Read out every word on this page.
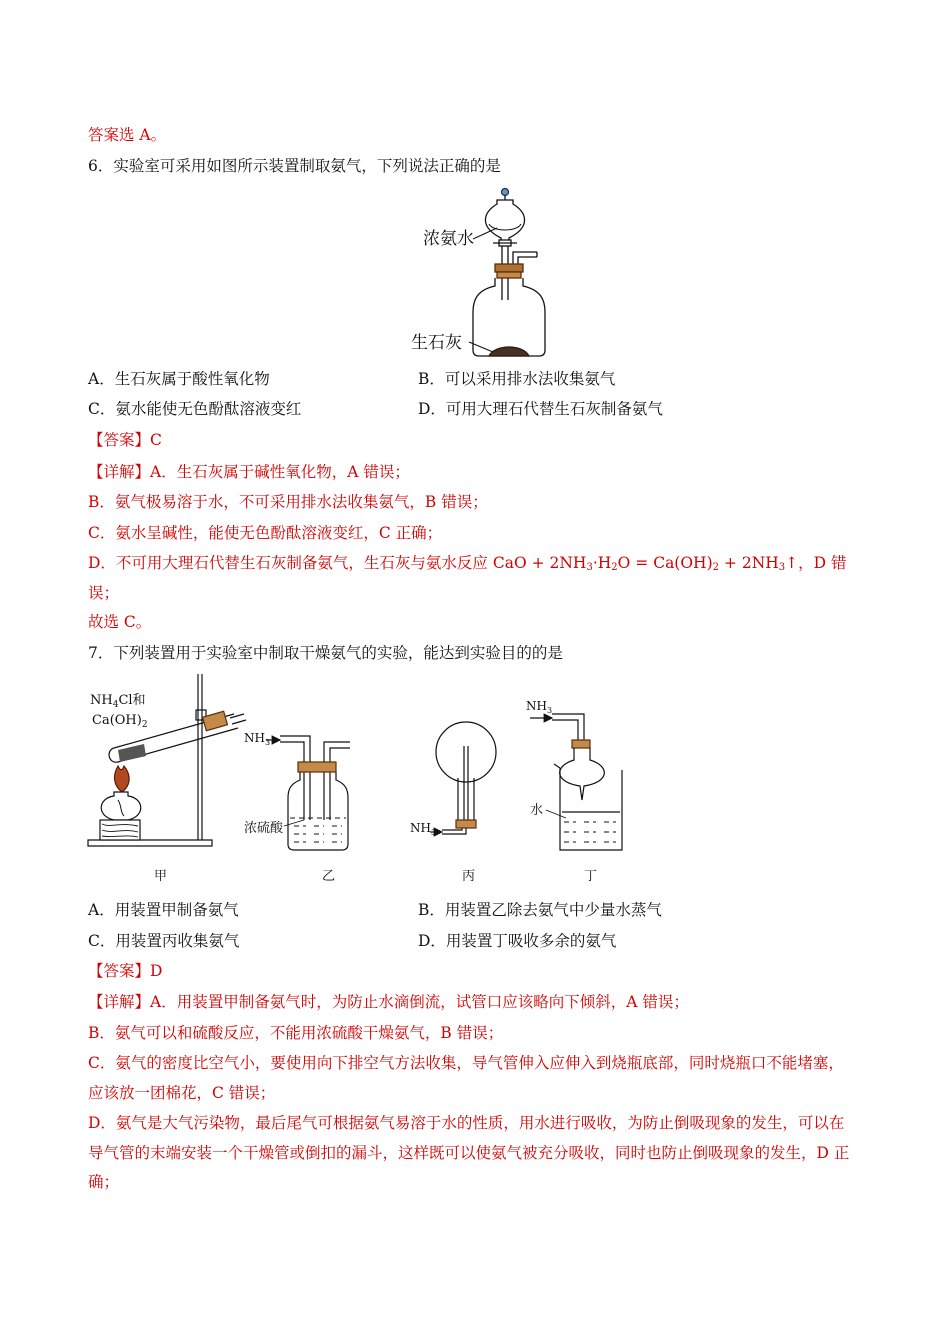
答案选 A。
6．实验室可采用如图所示装置制取氨气，下列说法正确的是
浓氨水
生石灰
A．生石灰属于酸性氧化物	B．可以采用排水法收集氨气
C．氨水能使无色酚酞溶液变红	D．可用大理石代替生石灰制备氨气
【答案】C
【详解】A．生石灰属于碱性氧化物，A 错误；
B．氨气极易溶于水，不可采用排水法收集氨气，B 错误；
C．氨水呈碱性，能使无色酚酞溶液变红，C 正确；
D．不可用大理石代替生石灰制备氨气，生石灰与氨水反应 CaO + $2NH_3\cdot H_2O = Ca(OH)_2$ + $2NH_3↑$，D 错误；
故选 C。
7．下列装置用于实验室中制取干燥氨气的实验，能达到实验目的的是
$NH_4Cl$和
$Ca(OH)_2$
$NH_3$
浓硫酸	$NH_3$
$NH_3$
水
甲	乙	丙	丁
A．用装置甲制备氨气	B．用装置乙除去氨气中少量水蒸气
C．用装置丙收集氨气	D．用装置丁吸收多余的氨气
【答案】D
【详解】A．用装置甲制备氨气时，为防止水滴倒流，试管口应该略向下倾斜，A 错误；
B．氨气可以和硫酸反应，不能用浓硫酸干燥氨气，B 错误；
C．氨气的密度比空气小，要使用向下排空气方法收集，导气管伸入应伸入到烧瓶底部，同时烧瓶口不能堵塞，应该放一团棉花，C 错误；
D．氨气是大气污染物，最后尾气可根据氨气易溶于水的性质，用水进行吸收，为防止倒吸现象的发生，可以在导气管的末端安装一个干燥管或倒扣的漏斗，这样既可以使氨气被充分吸收，同时也防止倒吸现象的发生，D 正确；
